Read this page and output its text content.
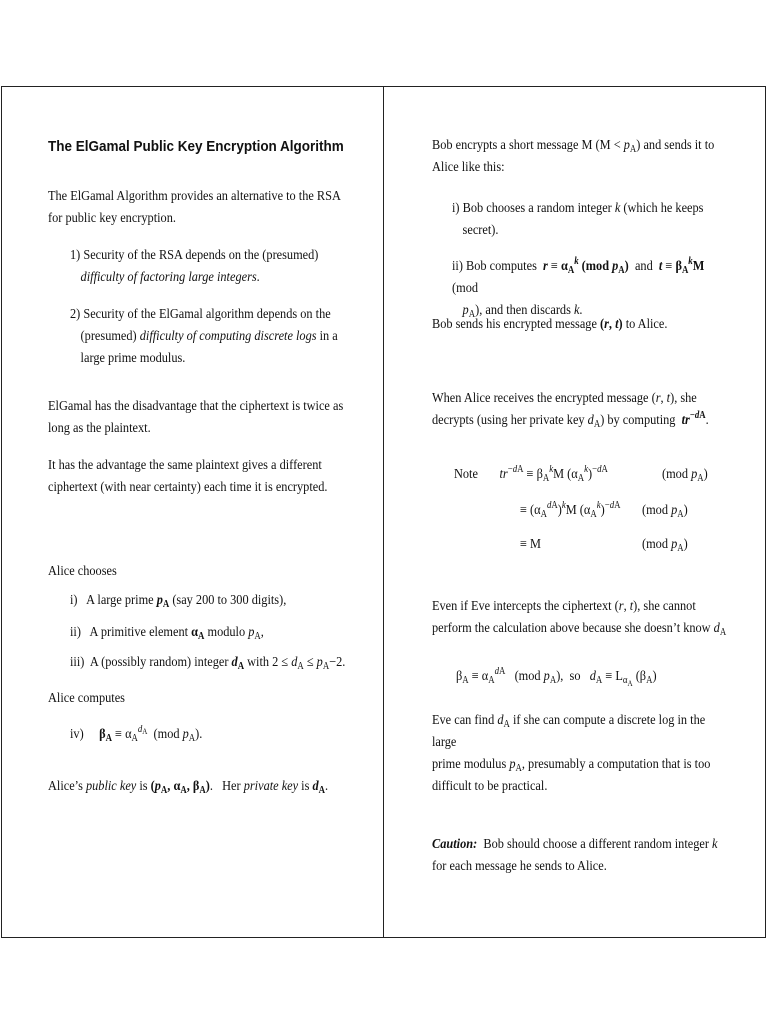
The ElGamal Public Key Encryption Algorithm
The ElGamal Algorithm provides an alternative to the RSA
for public key encryption.
1) Security of the RSA depends on the (presumed)
difficulty of factoring large integers.
2) Security of the ElGamal algorithm depends on the
(presumed) difficulty of computing discrete logs in a
large prime modulus.
ElGamal has the disadvantage that the ciphertext is twice as
long as the plaintext.
It has the advantage the same plaintext gives a different
ciphertext (with near certainty) each time it is encrypted.
Alice chooses
i) A large prime $p_A$ (say 200 to 300 digits),
ii) A primitive element $\alpha_A$ modulo $p_A$,
iii) A (possibly random) integer $d_A$ with $2 \le d_A \le p_A-2$.
Alice computes
iv) $\beta_A \equiv \alpha_A^{d_A}$  (mod $p_A$).
Alice’s public key is ($p_A$, $\alpha_A$, $\beta_A$).   Her private key is $d_A$.
Bob encrypts a short message M $(M < p_A)$ and sends it to
Alice like this:
i) Bob chooses a random integer k (which he keeps
secret).
ii) Bob computes $r \equiv \alpha_A^k$ (mod $p_A$) and $t \equiv \beta_A^kM$ (mod
$p_A$), and then discards k.
Bob sends his encrypted message (r, t) to Alice.
When Alice receives the encrypted message (r, t), she
decrypts (using her private key $d_A$) by computing $tr^{-dA}$.
Note $tr^{-dA} \equiv \beta_A^kM$ $(\alpha_A^k)^{-dA}$	(mod $p_A$)
≡ $(\alpha_A^{dA})^kM$ $(\alpha_A^k)^{-dA}$ (mod $p_A$)
≡ M	(mod $p_A$)
Even if Eve intercepts the ciphertext (r, t), she cannot
perform the calculation above because she doesn’t know $d_A$
$\beta_A \equiv \alpha_A^{dA}$   (mod $p_A$),  so $d_A \equiv L_{\alpha_A}$ $(\beta_A)$
Eve can find $d_A$ if she can compute a discrete log in the large
prime modulus $p_A$, presumably a computation that is too
difficult to be practical.
Caution: Bob should choose a different random integer k
for each message he sends to Alice.
